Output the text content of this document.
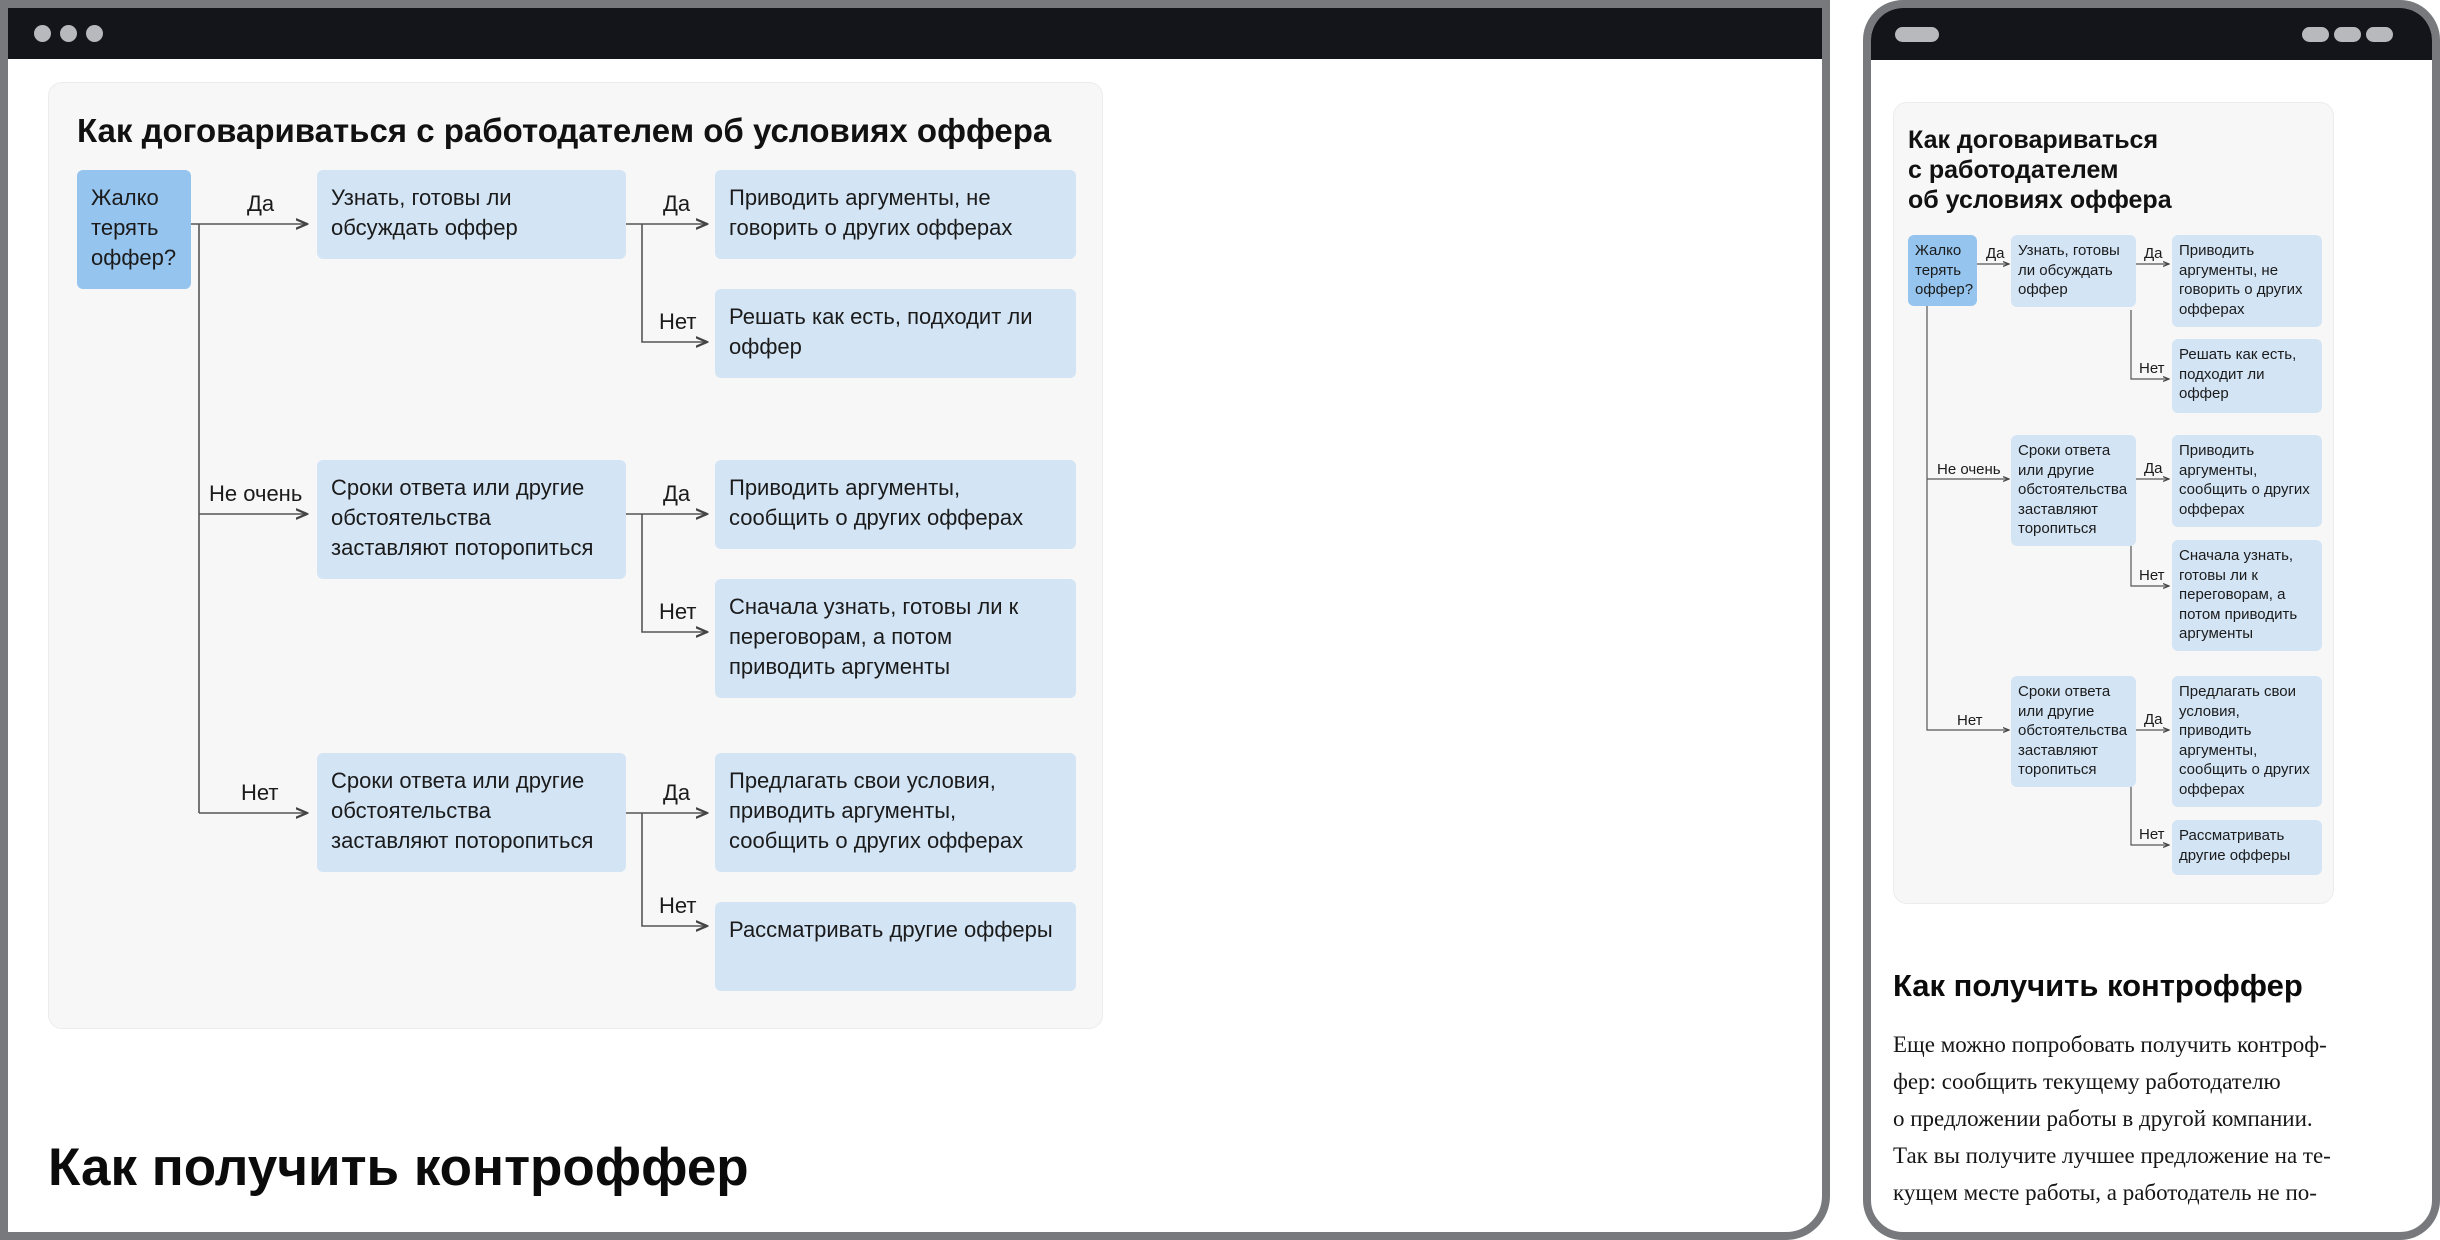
Как договариваться с работодателем об условиях оффера
Жалко терять оффер?
Да
Не очень
Нет
Узнать, готовы ли обсуждать оффер
Сроки ответа или другие обстоятельства заставляют поторопиться
Сроки ответа или другие обстоятельства заставляют поторопиться
Да
Нет
Да
Нет
Да
Нет
Приводить аргументы, не говорить о других офферах
Решать как есть, подходит ли оффер
Приводить аргументы, сообщить о других офферах
Сначала узнать, готовы ли к переговорам, а потом приводить аргументы
Предлагать свои условия, приводить аргументы, сообщить о других офферах
Рассматривать другие офферы
Как получить контроффер
Как договариваться
с работодателем
об условиях оффера
Жалко терять оффер?
Да
Не очень
Нет
Узнать, готовы ли обсуждать оффер
Сроки ответа или другие обстоятельства заставляют торопиться
Сроки ответа или другие обстоятельства заставляют торопиться
Да
Нет
Да
Нет
Да
Нет
Приводить аргументы, не говорить о других офферах
Решать как есть, подходит ли оффер
Приводить аргументы, сообщить о других офферах
Сначала узнать, готовы ли к переговорам, а потом приводить аргументы
Предлагать свои условия, приводить аргументы, сообщить о других офферах
Рассматривать другие офферы
Как получить контроффер
Еще можно попробовать получить контроф-
фер: сообщить текущему работодателю
о предложении работы в другой компании.
Так вы получите лучшее предложение на те-
кущем месте работы, а работодатель не по-
